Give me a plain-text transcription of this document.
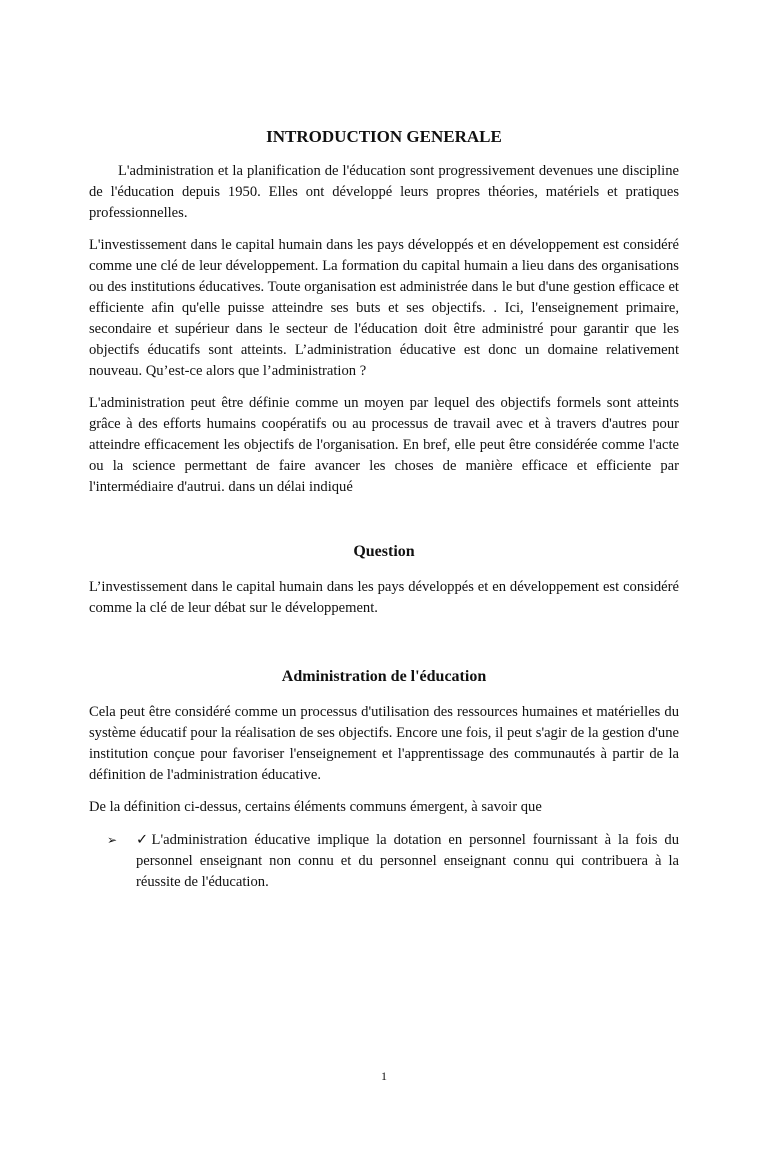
INTRODUCTION GENERALE

L'administration et la planification de l'éducation sont progressivement devenues une discipline de l'éducation depuis 1950. Elles ont développé leurs propres théories, matériels et pratiques professionnelles.

L'investissement dans le capital humain dans les pays développés et en développement est considéré comme une clé de leur développement. La formation du capital humain a lieu dans des organisations ou des institutions éducatives. Toute organisation est administrée dans le but d'une gestion efficace et efficiente afin qu'elle puisse atteindre ses buts et ses objectifs. . Ici, l'enseignement primaire, secondaire et supérieur dans le secteur de l'éducation doit être administré pour garantir que les objectifs éducatifs sont atteints. L’administration éducative est donc un domaine relativement nouveau. Qu’est-ce alors que l’administration ?

L'administration peut être définie comme un moyen par lequel des objectifs formels sont atteints grâce à des efforts humains coopératifs ou au processus de travail avec et à travers d'autres pour atteindre efficacement les objectifs de l'organisation. En bref, elle peut être considérée comme l'acte ou la science permettant de faire avancer les choses de manière efficace et efficiente par l'intermédiaire d'autrui. dans un délai indiqué

Question

L’investissement dans le capital humain dans les pays développés et en développement est considéré comme la clé de leur débat sur le développement.

Administration de l'éducation

Cela peut être considéré comme un processus d'utilisation des ressources humaines et matérielles du système éducatif pour la réalisation de ses objectifs. Encore une fois, il peut s'agir de la gestion d'une institution conçue pour favoriser l'enseignement et l'apprentissage des communautés à partir de la définition de l'administration éducative.

De la définition ci-dessus, certains éléments communs émergent, à savoir que

➢ ✓L'administration éducative implique la dotation en personnel fournissant à la fois du personnel enseignant non connu et du personnel enseignant connu qui contribuera à la réussite de l'éducation.
1
